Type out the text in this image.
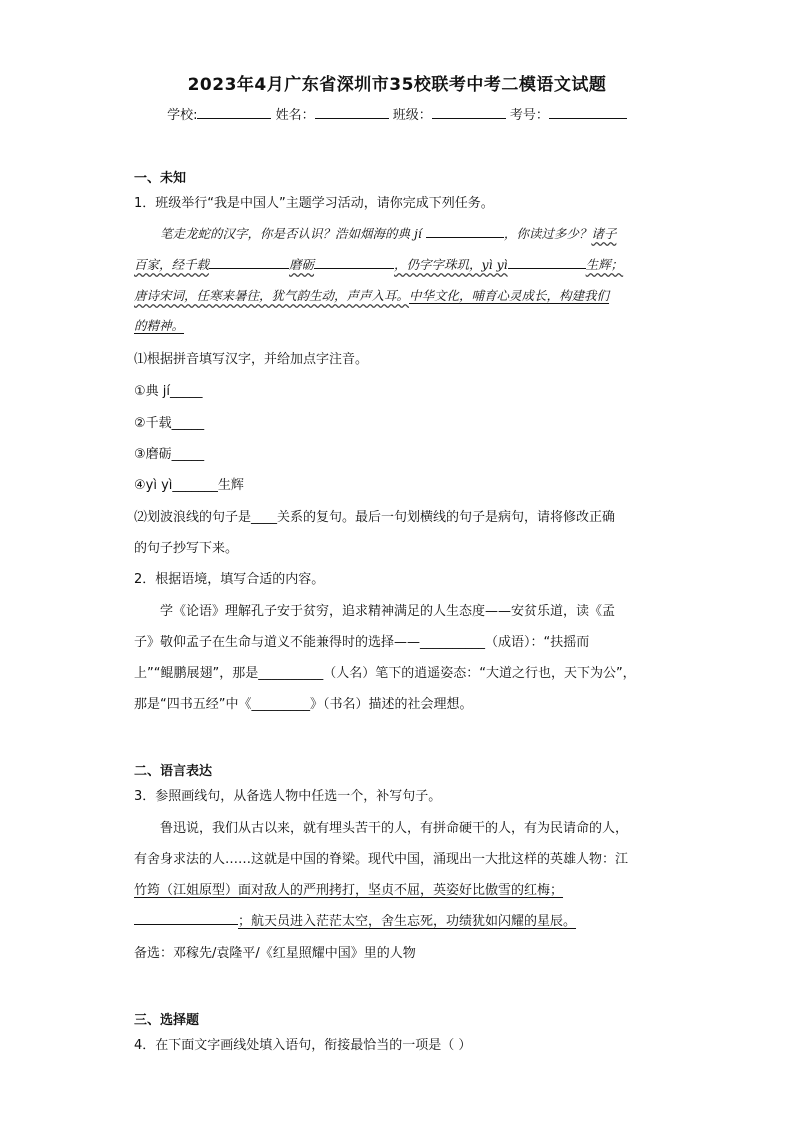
2023年4月广东省深圳市35校联考中考二模语文试题
学校:	姓名：	班级：	考号：
一、未知
1．班级举行“我是中国人”主题学习活动，请你完成下列任务。
笔走龙蛇的汉字，你是否认识？浩如烟海的典 jí	，你读过多少？诸子
百家，经千载	磨砺	，仍字字珠玑，yì yì	生辉；
唐诗宋词，任寒来暑往，犹气韵生动，声声入耳。中华文化，哺育心灵成长，构建我们
的精神。
⑴根据拼音填写汉字，并给加点字注音。
①典 jí_____
②千载_____
③磨砺_____
④yì yì_______生辉
⑵划波浪线的句子是____关系的复句。最后一句划横线的句子是病句，请将修改正确
的句子抄写下来。
2．根据语境，填写合适的内容。
学《论语》理解孔子安于贫穷，追求精神满足的人生态度——安贫乐道，读《孟
子》敬仰孟子在生命与道义不能兼得时的选择——__________（成语）：“扶摇而
上”“鲲鹏展翅”，那是__________（人名）笔下的逍遥姿态：“大道之行也，天下为公”，
那是“四书五经”中《_________》（书名）描述的社会理想。
二、语言表达
3．参照画线句，从备选人物中任选一个，补写句子。
鲁迅说，我们从古以来，就有埋头苦干的人，有拼命硬干的人，有为民请命的人，
有舍身求法的人……这就是中国的脊梁。现代中国，涌现出一大批这样的英雄人物：江
竹筠（江姐原型）面对敌人的严刑拷打，坚贞不屈，英姿好比傲雪的红梅；
；航天员进入茫茫太空，舍生忘死，功绩犹如闪耀的星辰。
备选：邓稼先/袁隆平/《红星照耀中国》里的人物
三、选择题
4．在下面文字画线处填入语句，衔接最恰当的一项是（ ）
